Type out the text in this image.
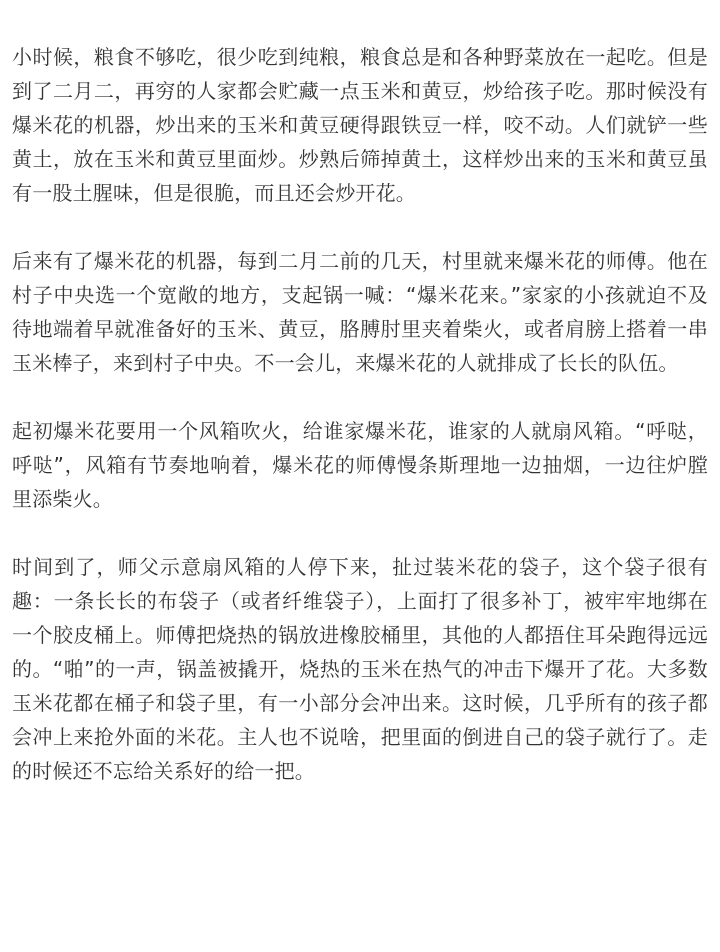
小时候，粮食不够吃，很少吃到纯粮，粮食总是和各种野菜放在一起吃。但是到了二月二，再穷的人家都会贮藏一点玉米和黄豆，炒给孩子吃。那时候没有爆米花的机器，炒出来的玉米和黄豆硬得跟铁豆一样，咬不动。人们就铲一些黄土，放在玉米和黄豆里面炒。炒熟后筛掉黄土，这样炒出来的玉米和黄豆虽有一股土腥味，但是很脆，而且还会炒开花。

后来有了爆米花的机器，每到二月二前的几天，村里就来爆米花的师傅。他在村子中央选一个宽敞的地方，支起锅一喊：“爆米花来。”家家的小孩就迫不及待地端着早就准备好的玉米、黄豆，胳膊肘里夹着柴火，或者肩膀上搭着一串玉米棒子，来到村子中央。不一会儿，来爆米花的人就排成了长长的队伍。

起初爆米花要用一个风箱吹火，给谁家爆米花，谁家的人就扇风箱。“呼哒，呼哒”，风箱有节奏地响着，爆米花的师傅慢条斯理地一边抽烟，一边往炉膛里添柴火。

时间到了，师父示意扇风箱的人停下来，扯过装米花的袋子，这个袋子很有趣：一条长长的布袋子（或者纤维袋子），上面打了很多补丁，被牢牢地绑在一个胶皮桶上。师傅把烧热的锅放进橡胶桶里，其他的人都捂住耳朵跑得远远的。“啪”的一声，锅盖被撬开，烧热的玉米在热气的冲击下爆开了花。大多数玉米花都在桶子和袋子里，有一小部分会冲出来。这时候，几乎所有的孩子都会冲上来抢外面的米花。主人也不说啥，把里面的倒进自己的袋子就行了。走的时候还不忘给关系好的给一把。
